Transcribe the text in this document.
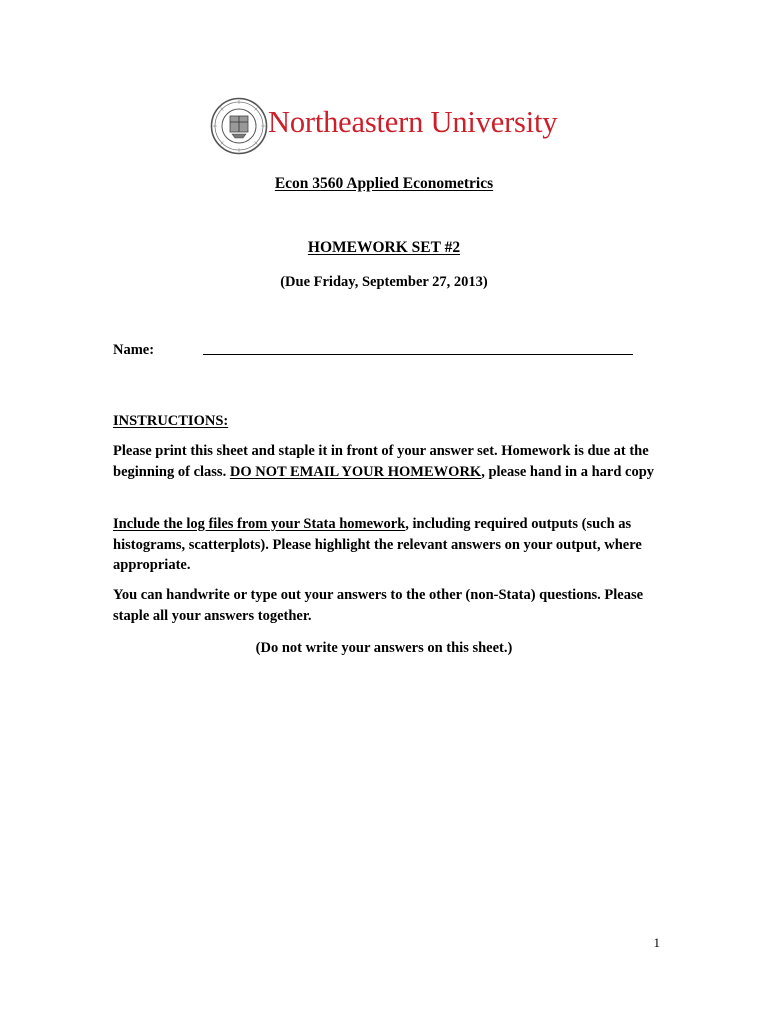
Northeastern University
Econ 3560 Applied Econometrics
HOMEWORK SET #2
(Due Friday, September 27, 2013)
Name:
INSTRUCTIONS:
Please print this sheet and staple it in front of your answer set. Homework is due at the beginning of class. DO NOT EMAIL YOUR HOMEWORK, please hand in a hard copy
Include the log files from your Stata homework, including required outputs (such as histograms, scatterplots). Please highlight the relevant answers on your output, where appropriate.
You can handwrite or type out your answers to the other (non-Stata) questions. Please staple all your answers together.
(Do not write your answers on this sheet.)
1
